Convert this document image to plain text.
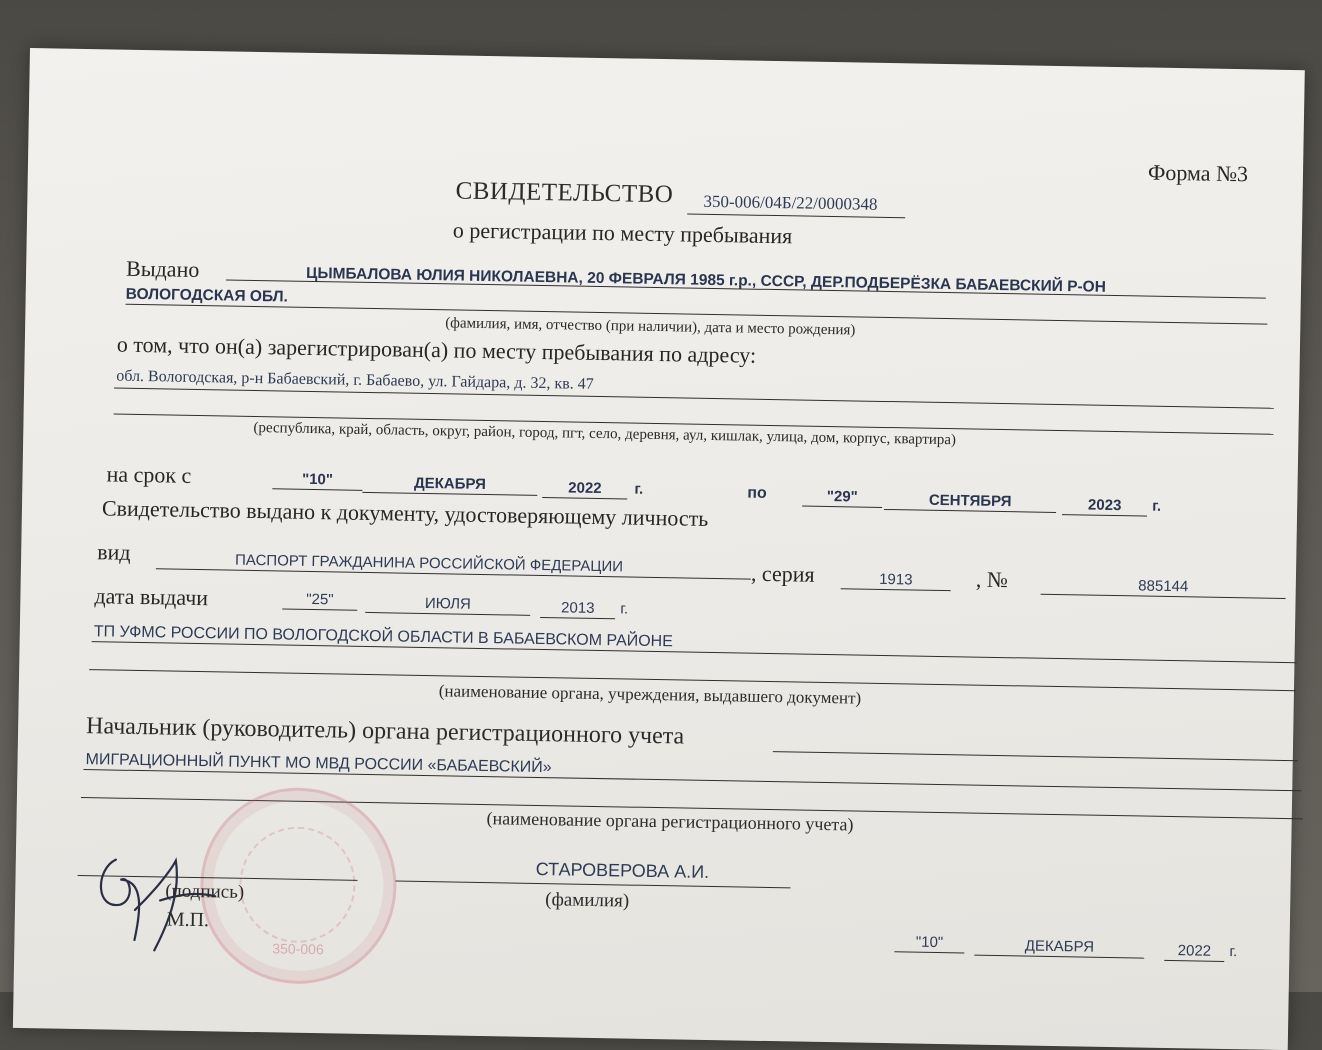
Форма №3
СВИДЕТЕЛЬСТВО 350-006/04Б/22/0000348
о регистрации по месту пребывания
Выдано	ЦЫМБАЛОВА ЮЛИЯ НИКОЛАЕВНА, 20 ФЕВРАЛЯ 1985 г.р., СССР, ДЕР.ПОДБЕРЁЗКА БАБАЕВСКИЙ Р-ОН
ВОЛОГОДСКАЯ ОБЛ.
(фамилия, имя, отчество (при наличии), дата и место рождения)
о том, что он(а) зарегистрирован(а) по месту пребывания по адресу:
обл. Вологодская, р-н Бабаевский, г. Бабаево, ул. Гайдара, д. 32, кв. 47
(республика, край, область, округ, район, город, пгт, село, деревня, аул, кишлак, улица, дом, корпус, квартира)
на срок с	"10"	ДЕКАБРЯ	2022	г.	по	"29"	СЕНТЯБРЯ	2023	г.
Свидетельство выдано к документу, удостоверяющему личность
вид	ПАСПОРТ ГРАЖДАНИНА РОССИЙСКОЙ ФЕДЕРАЦИИ	, серия	1913	, №	885144
дата выдачи	"25"	ИЮЛЯ	2013	г.
ТП УФМС РОССИИ ПО ВОЛОГОДСКОЙ ОБЛАСТИ В БАБАЕВСКОМ РАЙОНЕ
(наименование органа, учреждения, выдавшего документ)
Начальник (руководитель) органа регистрационного учета
МИГРАЦИОННЫЙ ПУНКТ МО МВД РОССИИ «БАБАЕВСКИЙ»
(наименование органа регистрационного учета)
350-006
СТАРОВЕРОВА А.И.
(подпись)	(фамилия)
М.П.
"10"	ДЕКАБРЯ	2022	г.
